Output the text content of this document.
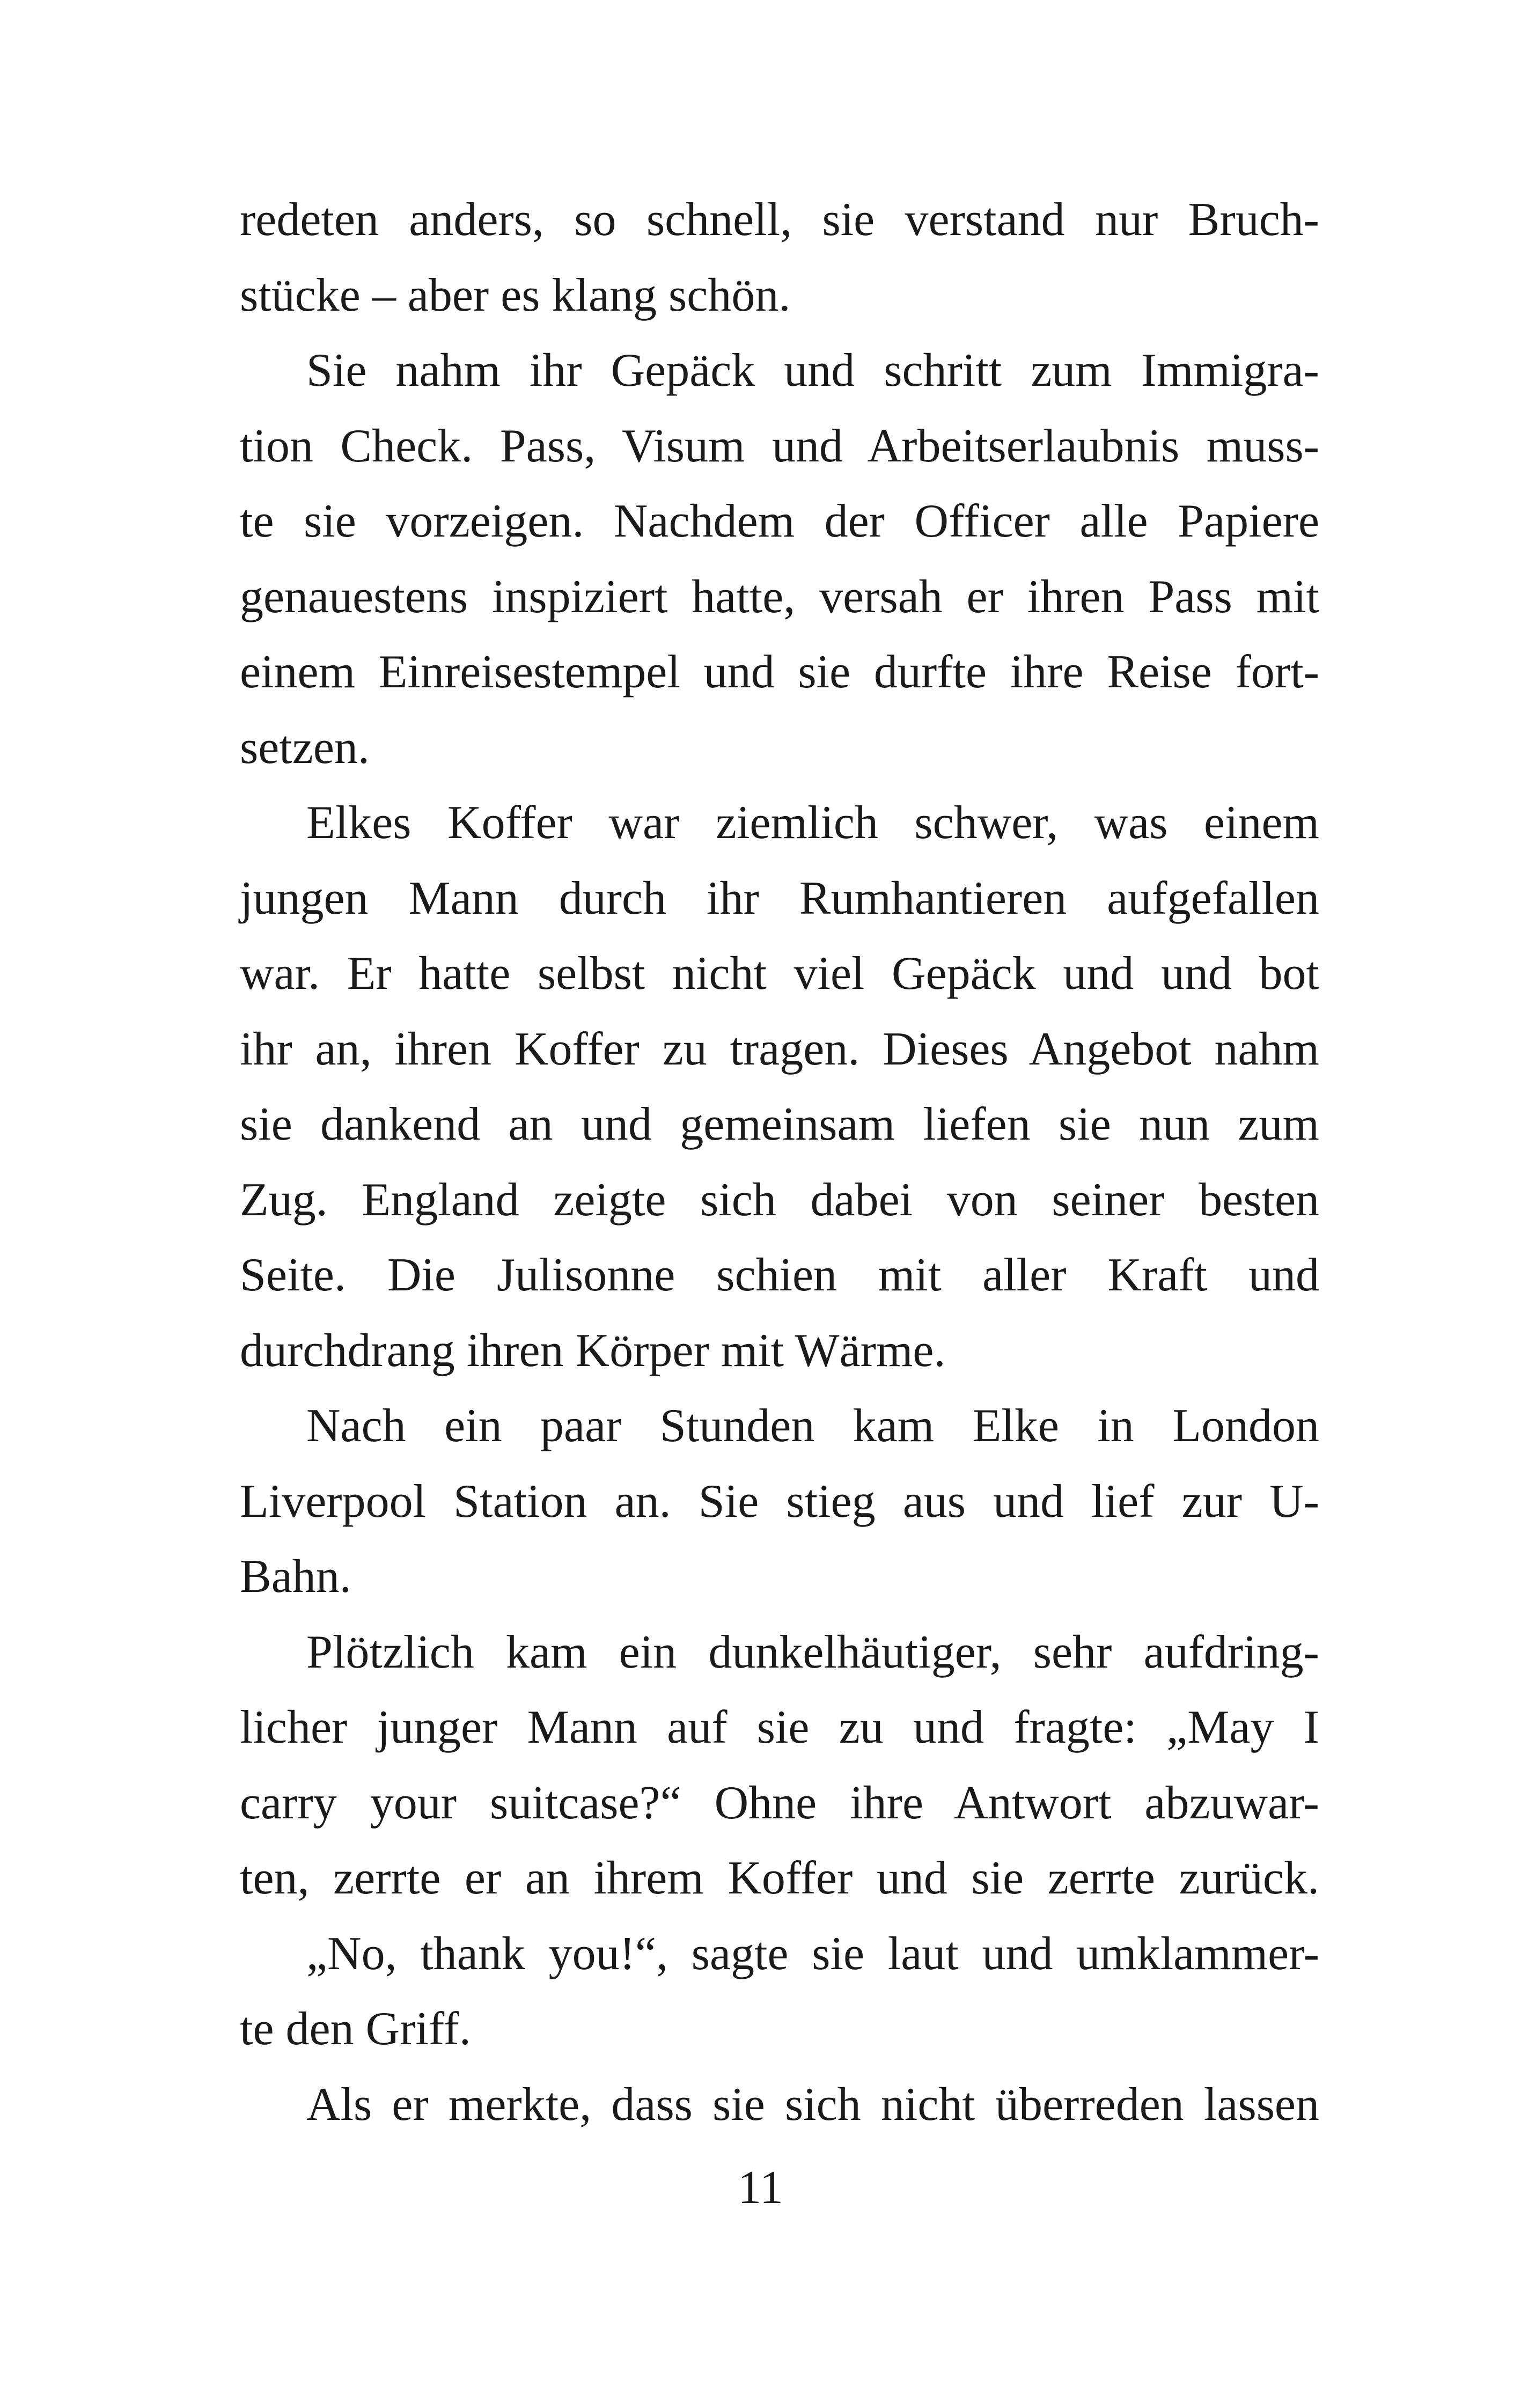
redeten anders, so schnell, sie verstand nur Bruch-
stücke – aber es klang schön.
Sie nahm ihr Gepäck und schritt zum Immigra-
tion Check. Pass, Visum und Arbeitserlaubnis muss-
te sie vorzeigen. Nachdem der Officer alle Papiere
genauestens inspiziert hatte, versah er ihren Pass mit
einem Einreisestempel und sie durfte ihre Reise fort-
setzen.
Elkes Koffer war ziemlich schwer, was einem
jungen Mann durch ihr Rumhantieren aufgefallen
war. Er hatte selbst nicht viel Gepäck und und bot
ihr an, ihren Koffer zu tragen. Dieses Angebot nahm
sie dankend an und gemeinsam liefen sie nun zum
Zug. England zeigte sich dabei von seiner besten
Seite. Die Julisonne schien mit aller Kraft und
durchdrang ihren Körper mit Wärme.
Nach ein paar Stunden kam Elke in London
Liverpool Station an. Sie stieg aus und lief zur U-
Bahn.
Plötzlich kam ein dunkelhäutiger, sehr aufdring-
licher junger Mann auf sie zu und fragte: „May I
carry your suitcase?“ Ohne ihre Antwort abzuwar-
ten, zerrte er an ihrem Koffer und sie zerrte zurück.
„No, thank you!“, sagte sie laut und umklammer-
te den Griff.
Als er merkte, dass sie sich nicht überreden lassen
11
